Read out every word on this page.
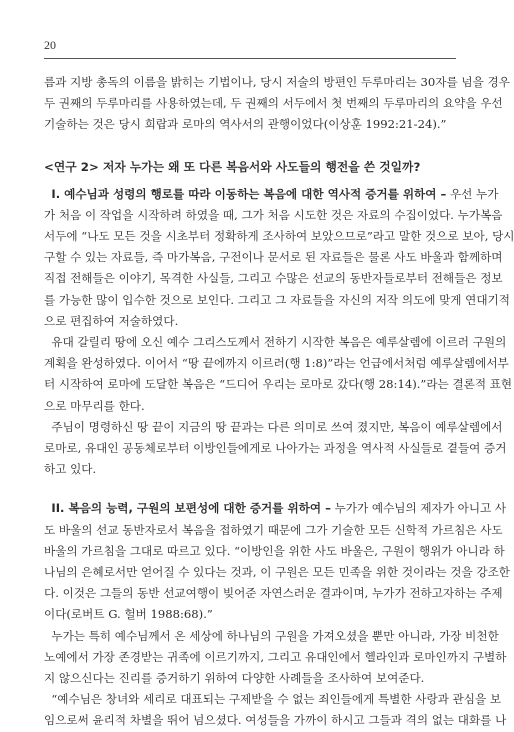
20
름과 지방 총독의 이름을 밝히는 기법이나, 당시 저술의 방편인 두루마리는 30자를 넘을 경우
두 권째의 두루마리를 사용하였는데, 두 권째의 서두에서 첫 번째의 두루마리의 요약을 우선
기술하는 것은 당시 희랍과 로마의 역사서의 관행이었다(이상훈 1992:21-24).”
<연구 2> 저자 누가는 왜 또 다른 복음서와 사도들의 행전을 쓴 것일까?
I. 예수님과 성령의 행로를 따라 이동하는 복음에 대한 역사적 증거를 위하여 – 우선 누가
가 처음 이 작업을 시작하려 하였을 때, 그가 처음 시도한 것은 자료의 수집이었다. 누가복음
서두에 “나도 모든 것을 시초부터 정확하게 조사하여 보았으므로”라고 말한 것으로 보아, 당시
구할 수 있는 자료들, 즉 마가복음, 구전이나 문서로 된 자료들은 물론 사도 바울과 함께하며
직접 전해들은 이야기, 목격한 사실들, 그리고 수많은 선교의 동반자들로부터 전해들은 정보
를 가능한 많이 입수한 것으로 보인다. 그리고 그 자료들을 자신의 저작 의도에 맞게 연대기적
으로 편집하여 저술하였다.
유대 갈릴리 땅에 오신 예수 그리스도께서 전하기 시작한 복음은 예루살렘에 이르러 구원의
계획을 완성하였다. 이어서 “땅 끝에까지 이르러(행 1:8)”라는 언급에서처럼 예루살렘에서부
터 시작하여 로마에 도달한 복음은 “드디어 우리는 로마로 갔다(행 28:14).”라는 결론적 표현
으로 마무리를 한다.
주님이 명령하신 땅 끝이 지금의 땅 끝과는 다른 의미로 쓰여 졌지만, 복음이 예루살렘에서
로마로, 유대인 공동체로부터 이방인들에게로 나아가는 과정을 역사적 사실들로 곁들여 증거
하고 있다.
II. 복음의 능력, 구원의 보편성에 대한 증거를 위하여 – 누가가 예수님의 제자가 아니고 사
도 바울의 선교 동반자로서 복음을 접하였기 때문에 그가 기술한 모든 신학적 가르침은 사도
바울의 가르침을 그대로 따르고 있다. “이방인을 위한 사도 바울은, 구원이 행위가 아니라 하
나님의 은혜로서만 얻어질 수 있다는 것과, 이 구원은 모든 민족을 위한 것이라는 것을 강조한
다. 이것은 그들의 동반 선교여행이 빚어준 자연스러운 결과이며, 누가가 전하고자하는 주제
이다(로버트 G. 헐버 1988:68).”
누가는 특히 예수님께서 온 세상에 하나님의 구원을 가져오셨을 뿐만 아니라, 가장 비천한
노예에서 가장 존경받는 귀족에 이르기까지, 그리고 유대인에서 헬라인과 로마인까지 구별하
지 않으신다는 진리를 증거하기 위하여 다양한 사례들을 조사하여 보여준다.
“예수님은 창녀와 세리로 대표되는 구제받을 수 없는 죄인들에게 특별한 사랑과 관심을 보
임으로써 윤리적 차별을 뛰어 넘으셨다. 여성들을 가까이 하시고 그들과 격의 없는 대화를 나
